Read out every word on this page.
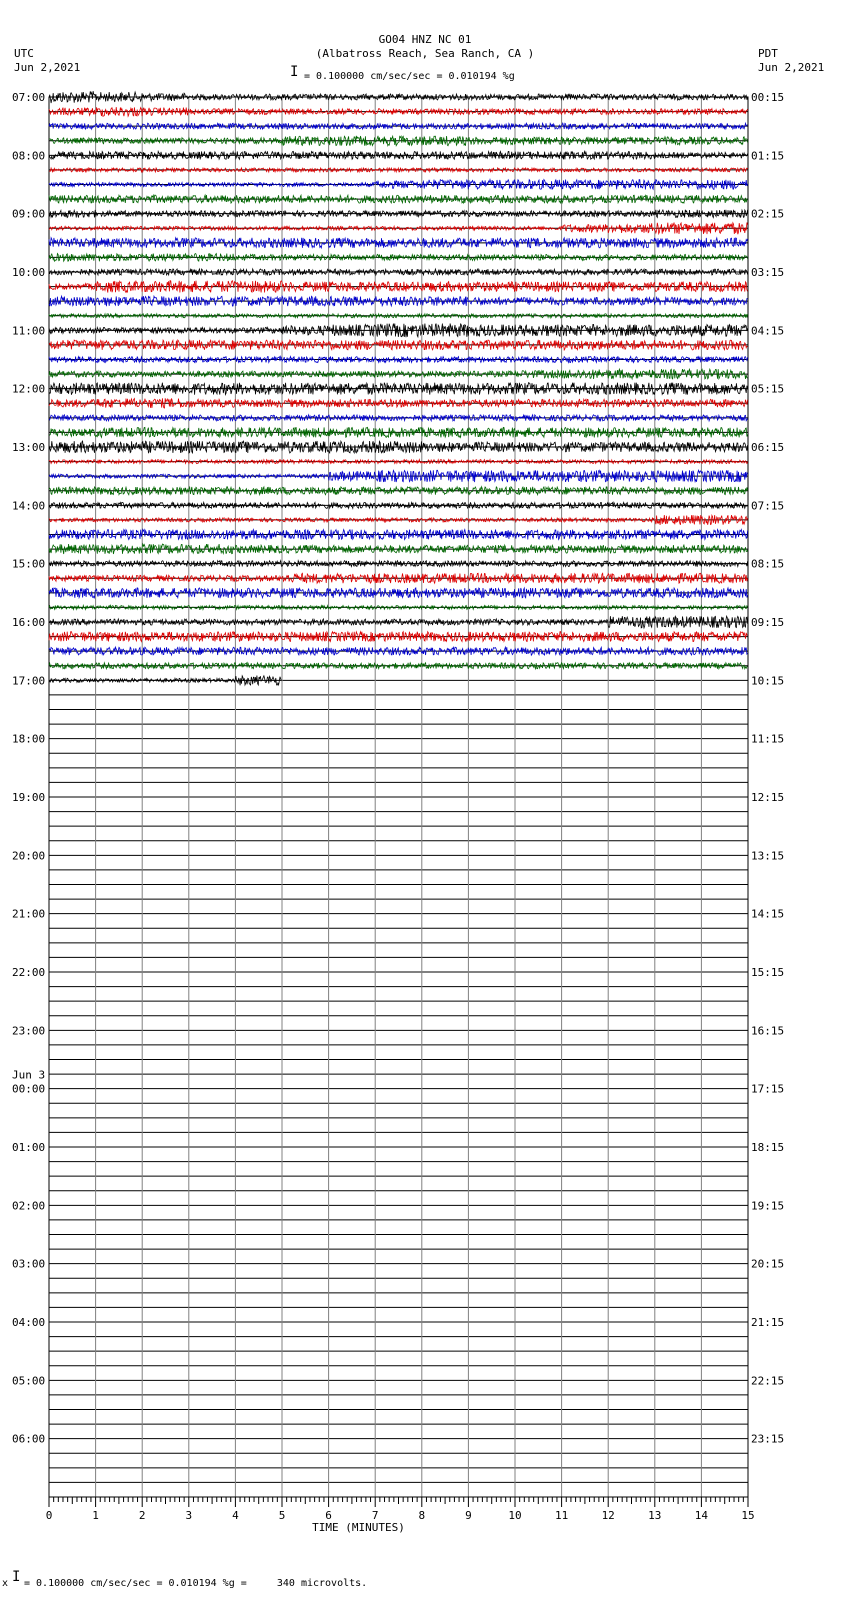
GO04 HNZ NC 01
(Albatross Reach, Sea Ranch, CA )
UTC
Jun 2,2021
PDT
Jun 2,2021
I = 0.100000 cm/sec/sec = 0.010194 %g
07:00
08:00
09:00
10:00
11:00
12:00
13:00
14:00
15:00
16:00
17:00
18:00
19:00
20:00
21:00
22:00
23:00
00:00
01:00
02:00
03:00
04:00
05:00
06:00
00:15
01:15
02:15
03:15
04:15
05:15
06:15
07:15
08:15
09:15
10:15
11:15
12:15
13:15
14:15
15:15
16:15
17:15
18:15
19:15
20:15
21:15
22:15
23:15
Jun 3
0	1	2	3	4	5	6	7	8	9	10	11	12	13	14	15
TIME (MINUTES)
x I = 0.100000 cm/sec/sec = 0.010194 %g =     340 microvolts.
